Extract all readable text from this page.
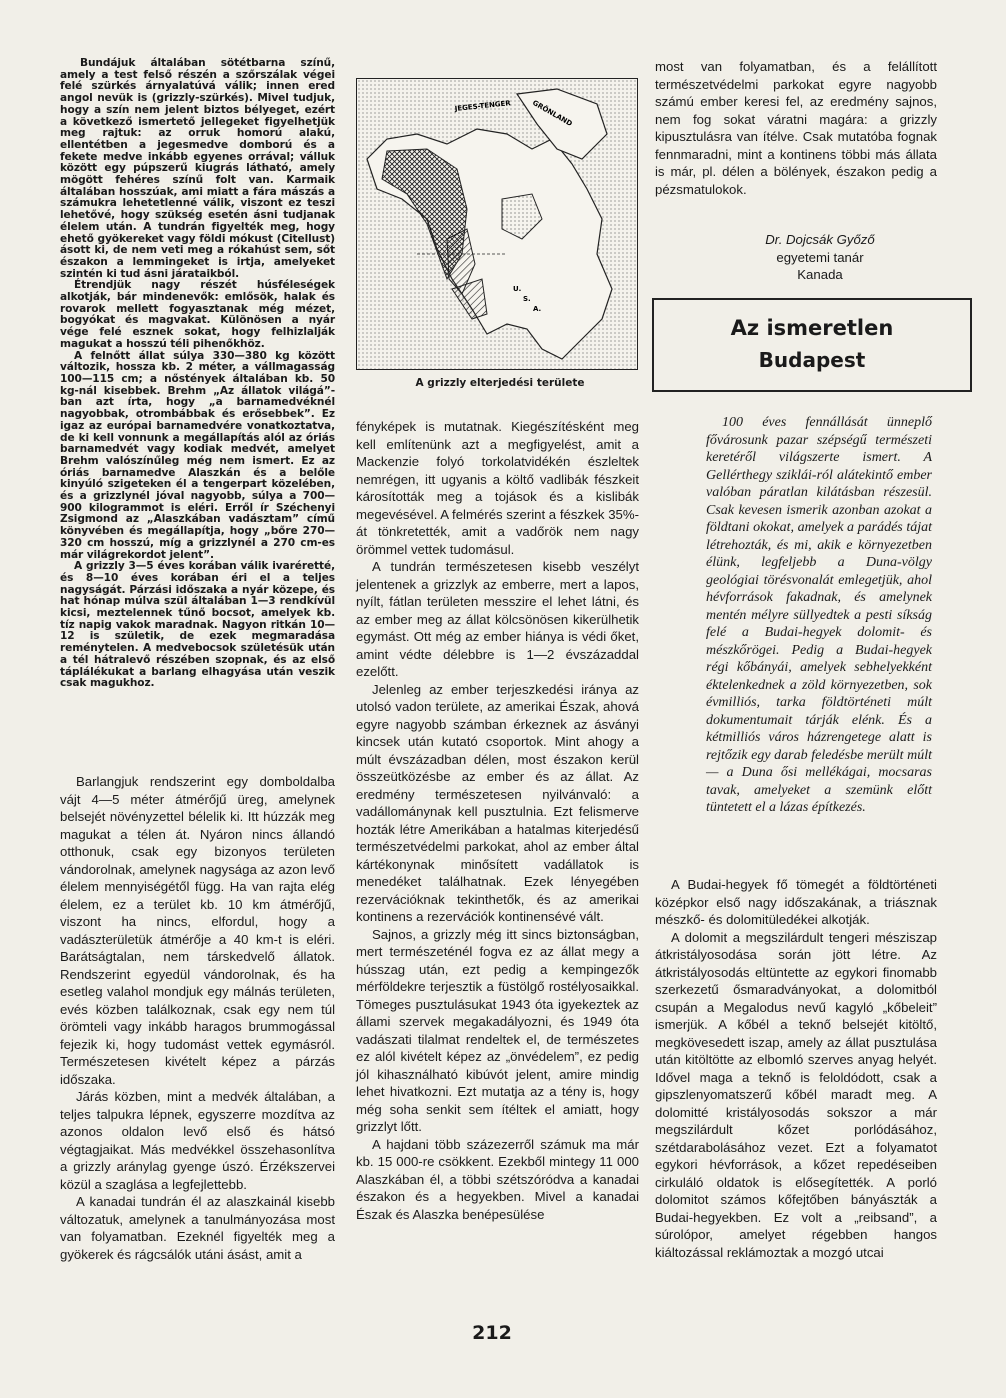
Bundájuk általában sötétbarna színű, amely a test felső részén a szőrszálak végei felé szürkés árnyalatúvá válik; innen ered angol nevük is (grizzly-szürkés). Mivel tudjuk, hogy a szín nem jelent biztos bélyeget, ezért a következő ismertető jellegeket figyelhetjük meg rajtuk: az orruk homorú alakú, ellentétben a jegesmedve domború és a fekete medve inkább egyenes orrával; válluk között egy púpszerű kiugrás látható, amely mögött fehéres színű folt van. Karmaik általában hosszúak, ami miatt a fára mászás a számukra lehetetlenné válik, viszont ez teszi lehetővé, hogy szükség esetén ásni tudjanak élelem után. A tundrán figyelték meg, hogy ehető gyökereket vagy földi mókust (Citellust) ásott ki, de nem veti meg a rókahúst sem, sőt északon a lemmingeket is irtja, amelyeket szintén ki tud ásni járataikból.

Étrendjük nagy részét húsféleségek alkotják, bár mindenevők: emlősök, halak és rovarok mellett fogyasztanak még mézet, bogyókat és magvakat. Különösen a nyár vége felé esznek sokat, hogy felhizlalják magukat a hosszú téli pihenőkhöz.

A felnőtt állat súlya 330—380 kg között változik, hossza kb. 2 méter, a vállmagasság 100—115 cm; a nőstények általában kb. 50 kg-nál kisebbek. Brehm „Az állatok világá”-ban azt írta, hogy „a barnamedvéknél nagyobbak, otrombábbak és erősebbek”. Ez igaz az európai barnamedvére vonatkoztatva, de ki kell vonnunk a megállapítás alól az óriás barnamedvét vagy kodiak medvét, amelyet Brehm valószínűleg még nem ismert. Ez az óriás barnamedve Alaszkán és a belőle kinyúló szigeteken él a tengerpart közelében, és a grizzlynél jóval nagyobb, súlya a 700—900 kilogrammot is eléri. Erről ír Széchenyi Zsigmond az „Alaszkában vadásztam” című könyvében és megállapítja, hogy „bőre 270—320 cm hosszú, míg a grizzlynél a 270 cm-es már világrekordot jelent”.

A grizzly 3—5 éves korában válik ivaréretté, és 8—10 éves korában éri el a teljes nagyságát. Párzási időszaka a nyár közepe, és hat hónap múlva szül általában 1—3 rendkívül kicsi, meztelennek tűnő bocsot, amelyek kb. tíz napig vakok maradnak. Nagyon ritkán 10—12 is születik, de ezek megmaradása reménytelen. A medvebocsok születésük után a tél hátralevő részében szopnak, és az első táplálékukat a barlang elhagyása után veszik csak magukhoz.

Barlangjuk rendszerint egy domboldalba vájt 4—5 méter átmérőjű üreg, amelynek belsejét növényzettel bélelik ki. Itt húzzák meg magukat a télen át. Nyáron nincs állandó otthonuk, csak egy bizonyos területen vándorolnak, amelynek nagysága az azon levő élelem mennyiségétől függ. Ha van rajta elég élelem, ez a terület kb. 10 km átmérőjű, viszont ha nincs, elfordul, hogy a vadászterületük átmérője a 40 km-t is eléri. Barátságtalan, nem társkedvelő állatok. Rendszerint egyedül vándorolnak, és ha esetleg valahol mondjuk egy málnás területen, evés közben találkoznak, csak egy nem túl örömteli vagy inkább haragos brummogással fejezik ki, hogy tudomást vettek egymásról. Természetesen kivételt képez a párzás időszaka.

Járás közben, mint a medvék általában, a teljes talpukra lépnek, egyszerre mozdítva az azonos oldalon levő első és hátsó végtagjaikat. Más medvékkel összehasonlítva a grizzly aránylag gyenge úszó. Érzékszervei közül a szaglása a legfejlettebb.

A kanadai tundrán él az alaszkainál kisebb változatuk, amelynek a tanulmányozása most van folyamatban. Ezeknél figyelték meg a gyökerek és rágcsálók utáni ásást, amit a

JEGES-TENGER	GRÖNLAND
U.
S.
A.
A grizzly elterjedési területe

fényképek is mutatnak. Kiegészítésként meg kell említenünk azt a megfigyelést, amit a Mackenzie folyó torkolatvidékén észleltek nemrégen, itt ugyanis a költő vadlibák fészkeit károsították meg a tojások és a kislibák megevésével. A felmérés szerint a fészkek 35%-át tönkretették, amit a vadőrök nem nagy örömmel vettek tudomásul.

A tundrán természetesen kisebb veszélyt jelentenek a grizzlyk az emberre, mert a lapos, nyílt, fátlan területen messzire el lehet látni, és az ember meg az állat kölcsönösen kikerülhetik egymást. Ott még az ember hiánya is védi őket, amint védte délebbre is 1—2 évszázaddal ezelőtt.

Jelenleg az ember terjeszkedési iránya az utolsó vadon területe, az amerikai Észak, ahová egyre nagyobb számban érkeznek az ásványi kincsek után kutató csoportok. Mint ahogy a múlt évszázadban délen, most északon kerül összeütközésbe az ember és az állat. Az eredmény természetesen nyilvánvaló: a vadállománynak kell pusztulnia. Ezt felismerve hozták létre Amerikában a hatalmas kiterjedésű természetvédelmi parkokat, ahol az ember által kártékonynak minősített vadállatok is menedéket találhatnak. Ezek lényegében rezervációknak tekinthetők, és az amerikai kontinens a rezervációk kontinensévé vált.

Sajnos, a grizzly még itt sincs biztonságban, mert természeténél fogva ez az állat megy a hússzag után, ezt pedig a kempingezők mérföldekre terjesztik a füstölgő rostélyosaikkal. Tömeges pusztulásukat 1943 óta igyekeztek az állami szervek megakadályozni, és 1949 óta vadászati tilalmat rendeltek el, de természetes ez alól kivételt képez az „önvédelem”, ez pedig jól kihasználható kibúvót jelent, amire mindig lehet hivatkozni. Ezt mutatja az a tény is, hogy még soha senkit sem ítéltek el amiatt, hogy grizzlyt lőtt.

A hajdani több százezerről számuk ma már kb. 15 000-re csökkent. Ezekből mintegy 11 000 Alaszkában él, a többi szétszóródva a kanadai északon és a hegyekben. Mivel a kanadai Észak és Alaszka benépesülése

most van folyamatban, és a felállított természetvédelmi parkokat egyre nagyobb számú ember keresi fel, az eredmény sajnos, nem fog sokat váratni magára: a grizzly kipusztulásra van ítélve. Csak mutatóba fognak fennmaradni, mint a kontinens többi más állata is már, pl. délen a bölények, északon pedig a pézsmatulokok.

Dr. Dojcsák Győző
egyetemi tanár
Kanada
Az ismeretlen
Budapest

100 éves fennállását ünneplő fővárosunk pazar szépségű természeti keretéről világszerte ismert. A Gellérthegy sziklái-ról alátekintő ember valóban páratlan kilátásban részesül. Csak kevesen ismerik azonban azokat a földtani okokat, amelyek a parádés tájat létrehozták, és mi, akik e környezetben élünk, legfeljebb a Duna-völgy geológiai törésvonalát emlegetjük, ahol hévforrások fakadnak, és amelynek mentén mélyre süllyedtek a pesti síkság felé a Budai-hegyek dolomit- és mészkőrögei. Pedig a Budai-hegyek régi kőbányái, amelyek sebhelyekként éktelenkednek a zöld környezetben, sok évmilliós, tarka földtörténeti múlt dokumentumait tárják elénk. És a kétmilliós város házrengetege alatt is rejtőzik egy darab feledésbe merült múlt — a Duna ősi mellékágai, mocsaras tavak, amelyeket a szemünk előtt tüntetett el a lázas építkezés.

A Budai-hegyek fő tömegét a földtörténeti középkor első nagy időszakának, a triásznak mészkő- és dolomitüledékei alkotják.

A dolomit a megszilárdult tengeri mésziszap átkristályosodása során jött létre. Az átkristályosodás eltüntette az egykori finomabb szerkezetű ősmaradványokat, a dolomitból csupán a Megalodus nevű kagyló „kőbeleit” ismerjük. A kőbél a teknő belsejét kitöltő, megkövesedett iszap, amely az állat pusztulása után kitöltötte az elbomló szerves anyag helyét. Idővel maga a teknő is feloldódott, csak a gipszlenyomatszerű kőbél maradt meg. A dolomitté kristályosodás sokszor a már megszilárdult kőzet porlódásához, szétdarabolásához vezet. Ezt a folyamatot egykori hévforrások, a kőzet repedéseiben cirkuláló oldatok is elősegítették. A porló dolomitot számos kőfejtőben bányászták a Budai-hegyekben. Ez volt a „reibsand”, a súrolópor, amelyet régebben hangos kiáltozással reklámoztak a mozgó utcai

212
